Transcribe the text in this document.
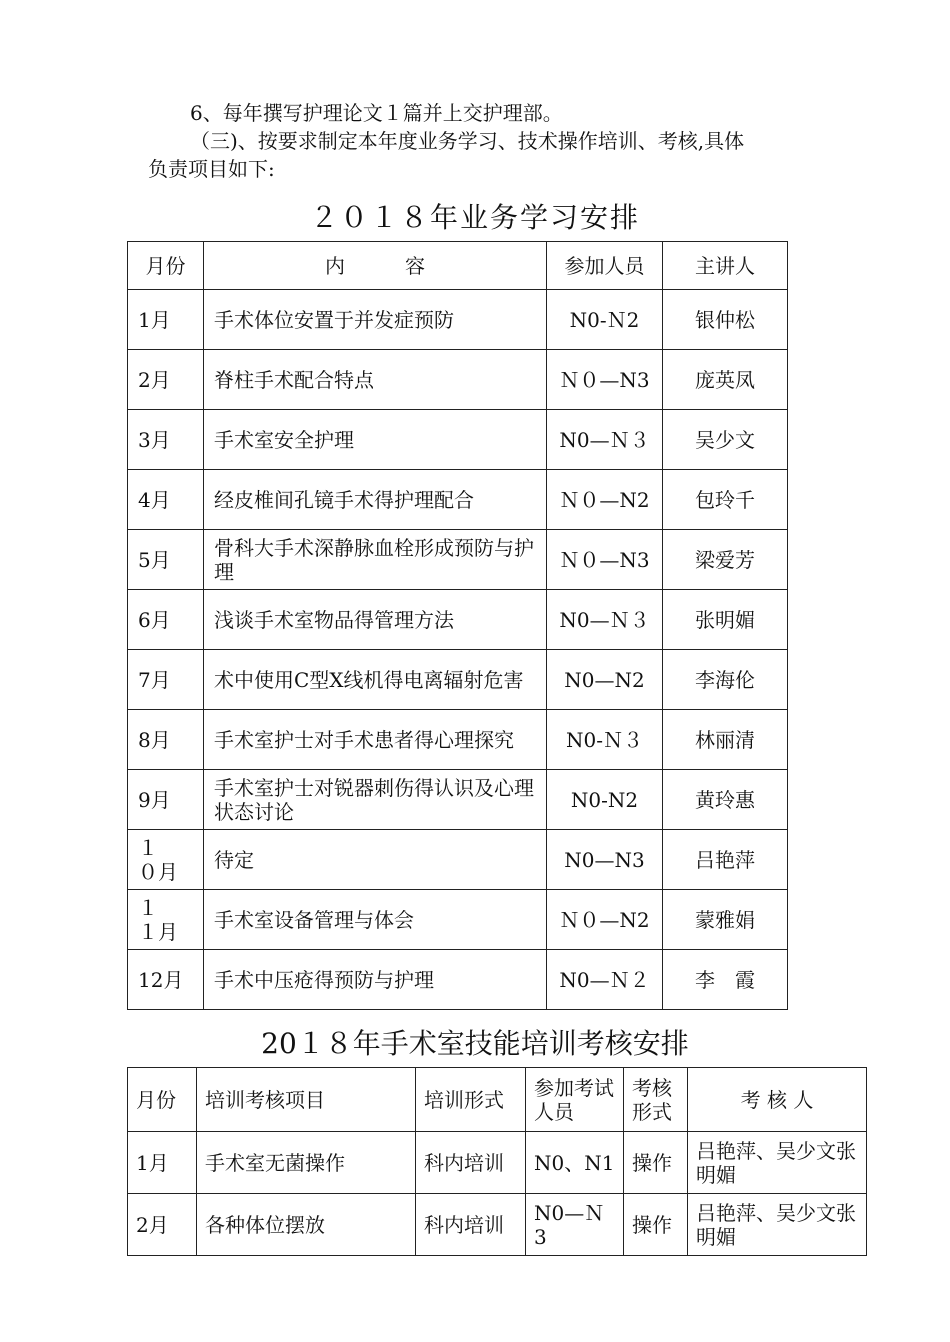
6、每年撰写护理论文１篇并上交护理部。

（三)、按要求制定本年度业务学习、技术操作培训、考核,具体

负责项目如下:

２０１８年业务学习安排
月份	内　　　容	参加人员	主讲人
1月	手术体位安置于并发症预防	N0-Ｎ2	银仲松
2月	脊柱手术配合特点	Ｎ０—N3	庞英凤
3月	手术室安全护理	N0—Ｎ３	吴少文
4月	经皮椎间孔镜手术得护理配合	Ｎ０—N2	包玲千
5月	骨科大手术深静脉血栓形成预防与护理	Ｎ０—N3	梁爱芳
6月	浅谈手术室物品得管理方法	N0—Ｎ３	张明媚
7月	术中使用C型X线机得电离辐射危害	N0—N2	李海伦
8月	手术室护士对手术患者得心理探究	N0-Ｎ３	林丽清
9月	手术室护士对锐器刺伤得认识及心理状态讨论	N0-N2	黄玲惠
１　０月	待定	N0—N3	吕艳萍
１　１月	手术室设备管理与体会	Ｎ０—N2	蒙雅娟
12月	手术中压疮得预防与护理	N0—Ｎ２	李　霞
20１８年手术室技能培训考核安排
月份	培训考核项目	培训形式	参加考试人员	考核形式	考 核 人
1月	手术室无菌操作	科内培训	N0、N1	操作	吕艳萍、吴少文张明媚
2月	各种体位摆放	科内培训	N0—Ｎ3	操作	吕艳萍、吴少文张明媚
